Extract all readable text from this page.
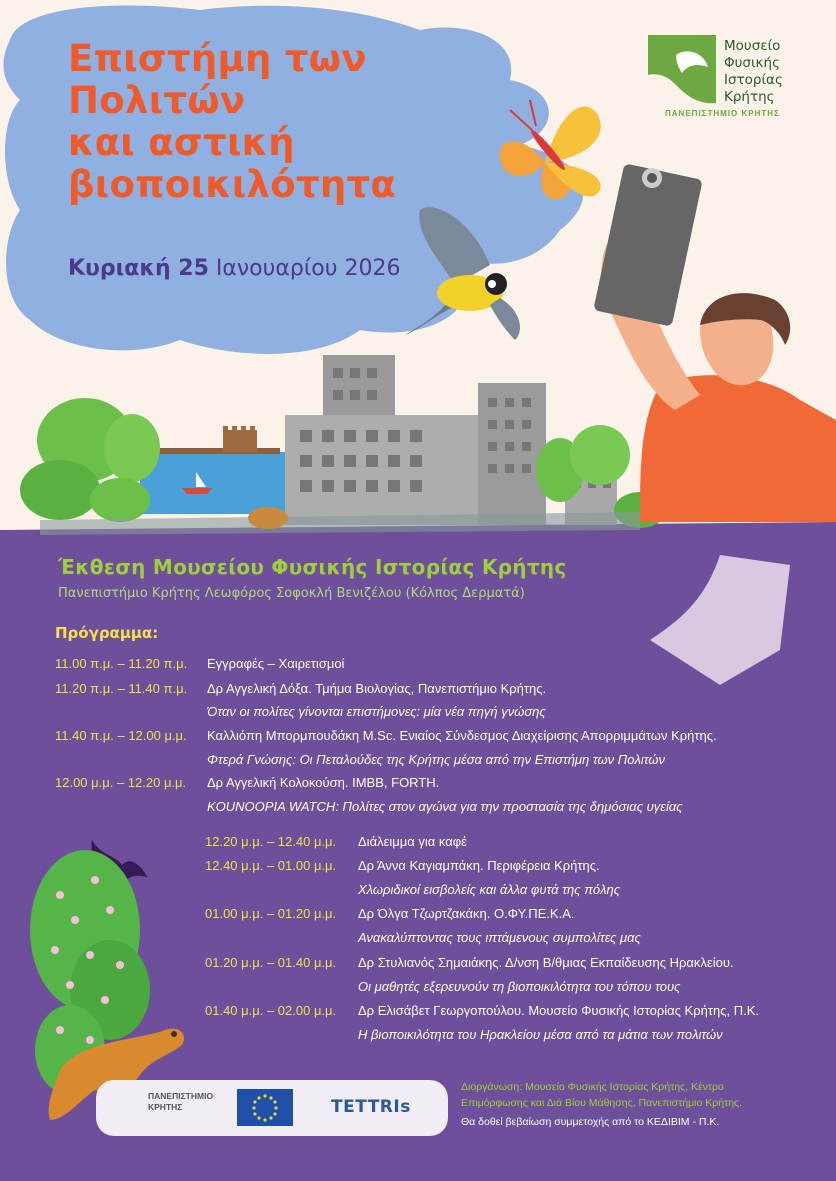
Επιστήμη των
Πολιτών
και αστική
βιοποικιλότητα
Κυριακή 25 Ιανουαρίου 2026
Μουσείο
Φυσικής
Ιστορίας
Κρήτης
ΠΑΝΕΠΙΣΤΗΜΙΟ ΚΡΗΤΗΣ
Έκθεση Μουσείου Φυσικής Ιστορίας Κρήτης
Πανεπιστήμιο Κρήτης Λεωφόρος Σοφοκλή Βενιζέλου (Κόλπος Δερματά)
Πρόγραμμα:
11.00 π.μ. – 11.20 π.μ. Εγγραφές – Χαιρετισμοί
11.20 π.μ. – 11.40 π.μ. Δρ Αγγελική Δόξα. Τμήμα Βιολογίας, Πανεπιστήμιο Κρήτης.
Όταν οι πολίτες γίνονται επιστήμονες: μία νέα πηγή γνώσης
11.40 π.μ. – 12.00 μ.μ. Καλλιόπη Μπορμπουδάκη M.Sc. Ενιαίος Σύνδεσμος Διαχείρισης Απορριμμάτων Κρήτης.
Φτερά Γνώσης: Οι Πεταλούδες της Κρήτης μέσα από την Επιστήμη των Πολιτών
12.00 μ.μ. – 12.20 μ.μ. Δρ Αγγελική Κολοκούση. IMBB, FORTH.
KOUNOOPIA WATCH: Πολίτες στον αγώνα για την προστασία της δημόσιας υγείας
12.20 μ.μ. – 12.40 μ.μ. Διάλειμμα για καφέ
12.40 μ.μ. – 01.00 μ.μ. Δρ Άννα Καγιαμπάκη. Περιφέρεια Κρήτης.
Χλωριδικοί εισβολείς και άλλα φυτά της πόλης
01.00 μ.μ. – 01.20 μ.μ. Δρ Όλγα Τζωρτζακάκη. Ο.ΦΥ.ΠΕ.Κ.Α.
Ανακαλύπτοντας τους ιπτάμενους συμπολίτες μας
01.20 μ.μ. – 01.40 μ.μ. Δρ Στυλιανός Σημαιάκης. Δ/νση Β/θμιας Εκπαίδευσης Ηρακλείου.
Οι μαθητές εξερευνούν τη βιοποικιλότητα του τόπου τους
01.40 μ.μ. – 02.00 μ.μ. Δρ Ελισάβετ Γεωργοπούλου. Μουσείο Φυσικής Ιστορίας Κρήτης, Π.Κ.
Η βιοποικιλότητα του Ηρακλείου μέσα από τα μάτια των πολιτών
ΠΑΝΕΠΙΣΤΗΜΙΟ
ΚΡΗΤΗΣ	TETTRIs
Διοργάνωση: Μουσείο Φυσικής Ιστορίας Κρήτης, Κέντρο
Επιμόρφωσης και Διά Βίου Μάθησης, Πανεπιστήμιο Κρήτης.
Θα δοθεί βεβαίωση συμμετοχής από το ΚΕΔΙΒΙΜ - Π.Κ.
